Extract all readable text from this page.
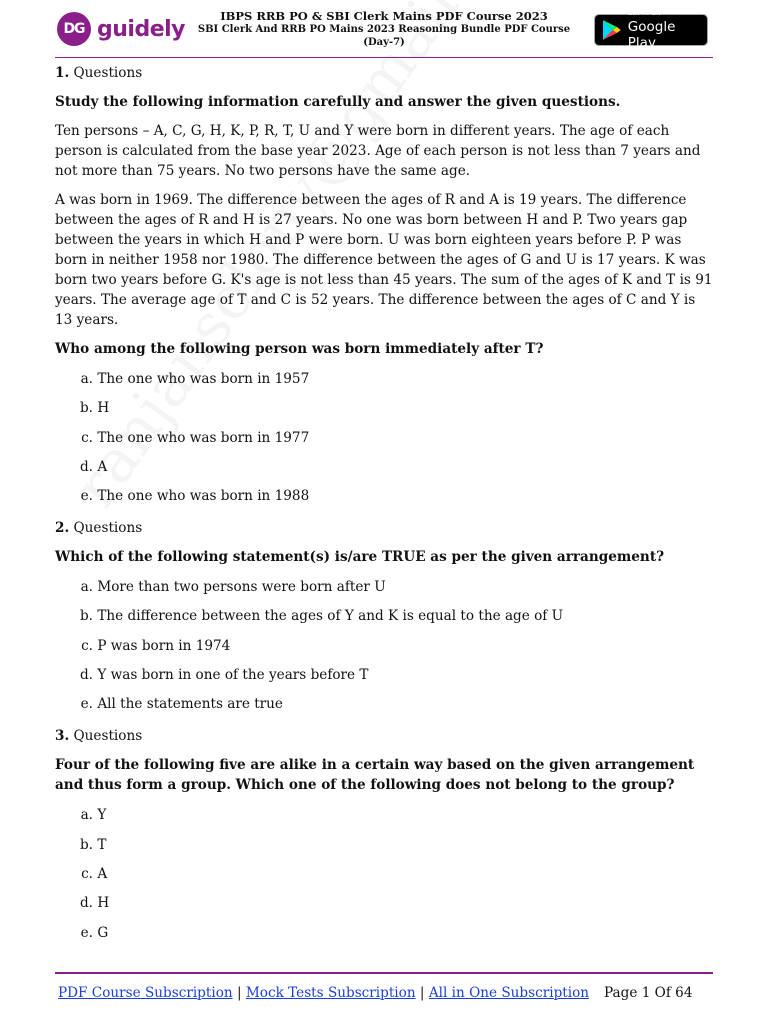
DG guidely
IBPS RRB PO & SBI Clerk Mains PDF Course 2023
SBI Clerk And RRB PO Mains 2023 Reasoning Bundle PDF Course
(Day-7)
GET IT ON
Google Play
1. Questions
Study the following information carefully and answer the given questions.
Ten persons – A, C, G, H, K, P, R, T, U and Y were born in different years. The age of each person is calculated from the base year 2023. Age of each person is not less than 7 years and not more than 75 years. No two persons have the same age.
A was born in 1969. The difference between the ages of R and A is 19 years. The difference between the ages of R and H is 27 years. No one was born between H and P. Two years gap between the years in which H and P were born. U was born eighteen years before P. P was born in neither 1958 nor 1980. The difference between the ages of G and U is 17 years. K was born two years before G. K's age is not less than 45 years. The sum of the ages of K and T is 91 years. The average age of T and C is 52 years. The difference between the ages of C and Y is 13 years.
Who among the following person was born immediately after T?
a.
The one who was born in 1957
b.
H
c.
The one who was born in 1977
d.
A
e.
The one who was born in 1988
2. Questions
Which of the following statement(s) is/are TRUE as per the given arrangement?
a.
More than two persons were born after U
b.
The difference between the ages of Y and K is equal to the age of U
c.
P was born in 1974
d.
Y was born in one of the years before T
e.
All the statements are true
3. Questions
Four of the following five are alike in a certain way based on the given arrangement and thus form a group. Which one of the following does not belong to the group?
a.
Y
b.
T
c.
A
d.
H
e.
G
PDF Course Subscription | Mock Tests Subscription | All in One Subscription Page 1 Of 64
